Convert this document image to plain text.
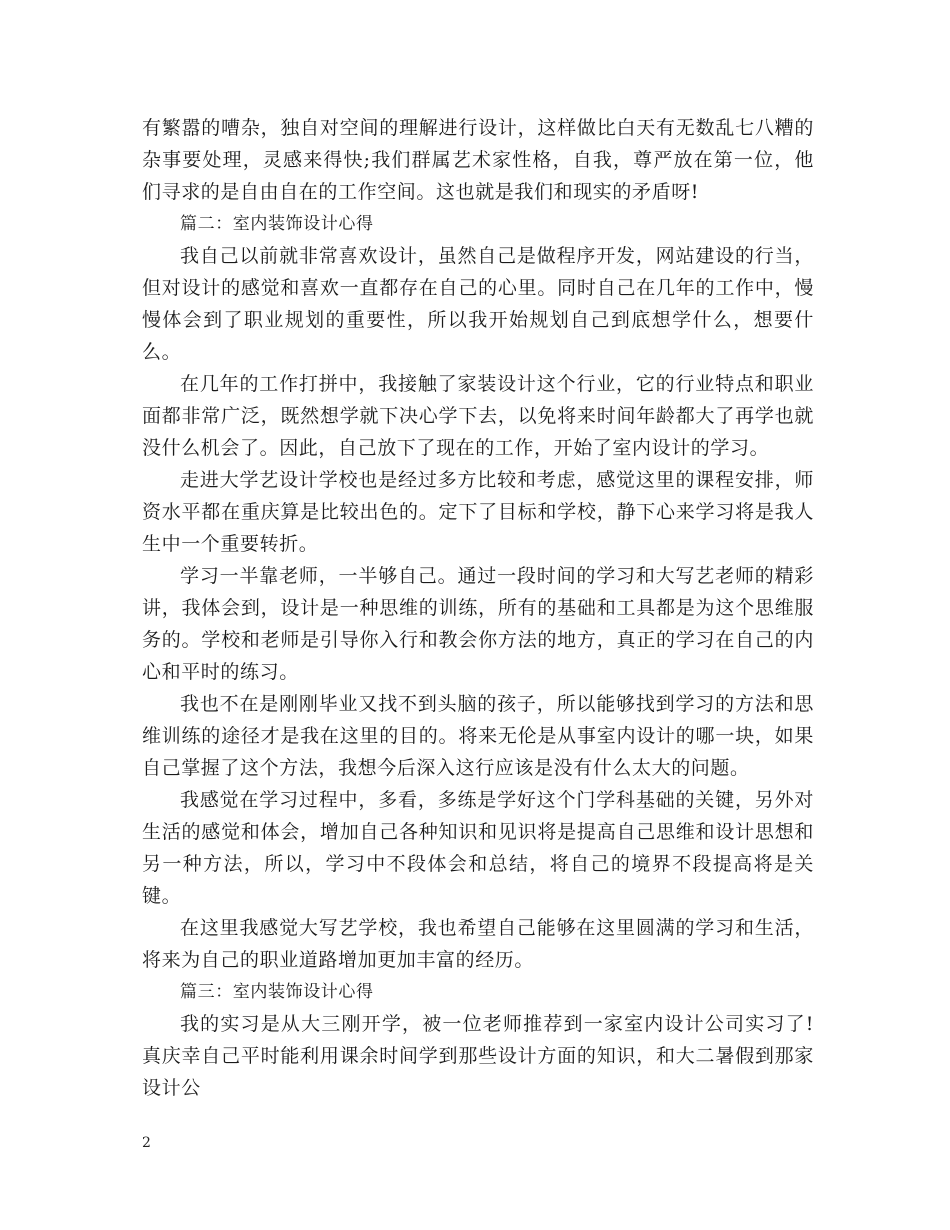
有繁嚣的嘈杂，独自对空间的理解进行设计，这样做比白天有无数乱七八糟的杂事要处理，灵感来得快;我们群属艺术家性格，自我，尊严放在第一位，他们寻求的是自由自在的工作空间。这也就是我们和现实的矛盾呀!

篇二：室内装饰设计心得

我自己以前就非常喜欢设计，虽然自己是做程序开发，网站建设的行当，但对设计的感觉和喜欢一直都存在自己的心里。同时自己在几年的工作中，慢慢体会到了职业规划的重要性，所以我开始规划自己到底想学什么，想要什么。

在几年的工作打拼中，我接触了家装设计这个行业，它的行业特点和职业面都非常广泛，既然想学就下决心学下去，以免将来时间年龄都大了再学也就没什么机会了。因此，自己放下了现在的工作，开始了室内设计的学习。

走进大学艺设计学校也是经过多方比较和考虑，感觉这里的课程安排，师资水平都在重庆算是比较出色的。定下了目标和学校，静下心来学习将是我人生中一个重要转折。

学习一半靠老师，一半够自己。通过一段时间的学习和大写艺老师的精彩讲，我体会到，设计是一种思维的训练，所有的基础和工具都是为这个思维服务的。学校和老师是引导你入行和教会你方法的地方，真正的学习在自己的内心和平时的练习。

我也不在是刚刚毕业又找不到头脑的孩子，所以能够找到学习的方法和思维训练的途径才是我在这里的目的。将来无伦是从事室内设计的哪一块，如果自己掌握了这个方法，我想今后深入这行应该是没有什么太大的问题。

我感觉在学习过程中，多看，多练是学好这个门学科基础的关键，另外对生活的感觉和体会，增加自己各种知识和见识将是提高自己思维和设计思想和另一种方法，所以，学习中不段体会和总结，将自己的境界不段提高将是关键。

在这里我感觉大写艺学校，我也希望自己能够在这里圆满的学习和生活，将来为自己的职业道路增加更加丰富的经历。

篇三：室内装饰设计心得

我的实习是从大三刚开学，被一位老师推荐到一家室内设计公司实习了!真庆幸自己平时能利用课余时间学到那些设计方面的知识，和大二暑假到那家设计公

2
